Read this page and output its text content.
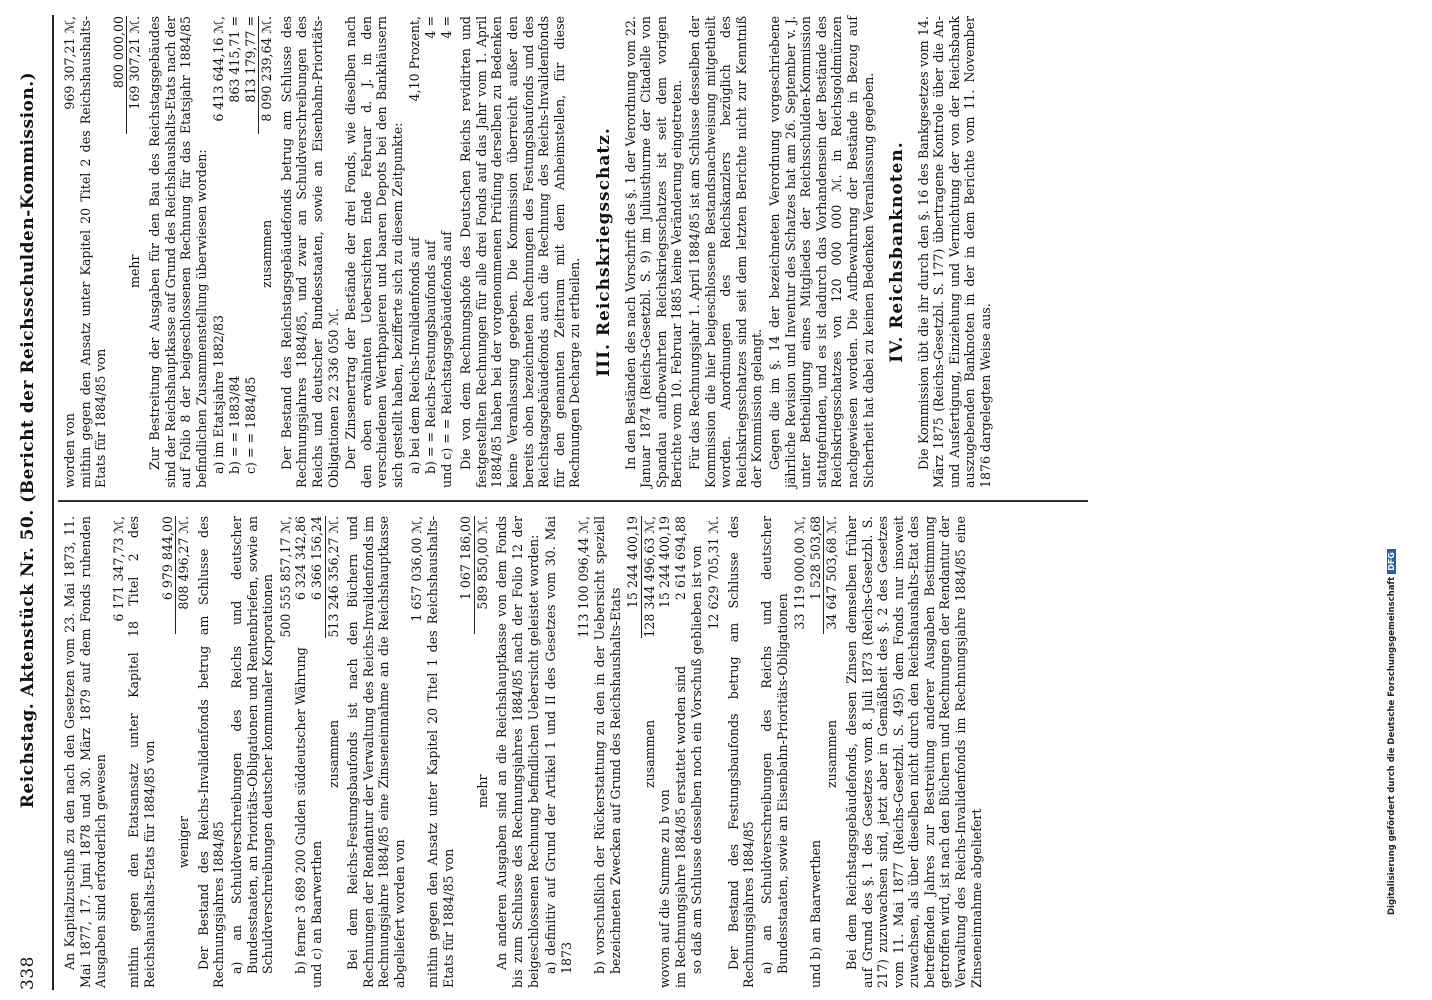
338
Reichstag. Aktenstück Nr. 50. (Bericht der Reichsschulden-Kommission.) An Kapitalzuschuß zu den nach den Gesetzen vom 23. Mai 1873, 11. Mai 1877, 17. Juni 1878 und 30. März 1879 auf dem Fonds ruhenden Ausgaben sind erforderlich gewesen

6 171 347,73 ℳ, mithin gegen den Etatsansatz unter Kapitel 18 Titel 2 des Reichshaushalts-Etats für 1884/85 von

6 979 844,00
weniger
808 496,27 ℳ. Der Bestand des Reichs-Invalidenfonds betrug am Schlusse des Rechnungsjahres 1884/85 a) an Schuldverschreibungen des Reichs und deutscher Bundesstaaten, an Prioritäts-Obligationen und Rentenbriefen, sowie an Schuldverschreibungen deutscher kommunaler Korporationen 500 555 857,17 ℳ,
b) ferner 3 689 200 Gulden süddeutscher Währung
6 324 342,86
und c) an Baarwerthen
6 366 156,24
zusammen
513 246 356,27 ℳ. Bei dem Reichs-Festungsbaufonds ist nach den Büchern und Rechnungen der Rendantur der Verwaltung des Reichs-Invalidenfonds im Rechnungsjahre 1884/85 eine Zinseneinnahme an die Reichshauptkasse abgeliefert worden von

1 657 036,00 ℳ, mithin gegen den Ansatz unter Kapitel 20 Titel 1 des Reichshaushalts-Etats für 1884/85 von

1 067 186,00
mehr
589 850,00 ℳ. An anderen Ausgaben sind an die Reichshauptkasse von dem Fonds bis zum Schlusse des Rechnungsjahres 1884/85 nach der Folio 12 der beigeschlossenen Rechnung befindlichen Uebersicht geleistet worden: a) definitiv auf Grund der Artikel 1 und II des Gesetzes vom 30. Mai 1873

113 100 096,44 ℳ, b) vorschußlich der Rückerstattung zu den in der Uebersicht speziell bezeichneten Zwecken auf Grund des Reichshaushalts-Etats

15 244 400,19
zusammen
128 344 496,63 ℳ,
wovon auf die Summe zu b von
15 244 400,19
im Rechnungsjahre 1884/85 erstattet worden sind
2 614 694,88 so daß am Schlusse desselben noch ein Vorschuß geblieben ist von 12 629 705,31 ℳ. Der Bestand des Festungsbaufonds betrug am Schlusse des Rechnungsjahres 1884/85 a) an Schuldverschreibungen des Reichs und deutscher Bundesstaaten, sowie an Eisenbahn-Prioritäts-Obligationen

33 119 000,00 ℳ,
und b) an Baarwerthen
1 528 503,68
zusammen
34 647 503,68 ℳ. Bei dem Reichstagsgebäudefonds, dessen Zinsen demselben früher auf Grund des §. 1 des Gesetzes vom 8. Juli 1873 (Reichs-Gesetzbl. S. 217) zuzuwachsen sind, jetzt aber in Gemäßheit des §. 2 des Gesetzes vom 11. Mai 1877 (Reichs-Gesetzbl. S. 495) dem Fonds nur insoweit zuwachsen, als über dieselben nicht durch den Reichshaushalts-Etat des betreffenden Jahres zur Bestreitung anderer Ausgaben Bestimmung getroffen wird, ist nach den Büchern und Rechnungen der Rendantur der Verwaltung des Reichs-Invalidenfonds im Rechnungsjahre 1884/85 eine Zinseneinnahme abgeliefert

worden von
969 307,21 ℳ, mithin gegen den Ansatz unter Kapitel 20 Titel 2 des Reichshaushalts-Etats für 1884/85 von

800 000,00
mehr
169 307,21 ℳ. Zur Bestreitung der Ausgaben für den Bau des Reichstagsgebäudes sind der Reichshauptkasse auf Grund des Reichshaushalts-Etats nach der auf Folio 8 der beigeschlossenen Rechnung für das Etatsjahr 1884/85 befindlichen Zusammenstellung überwiesen worden: a) im Etatsjahre 1882/83
6 413 644,16 ℳ,
b) = = 1883/84
863 415,71 =
c) = = 1884/85
813 179,77 =
zusammen
8 090 239,64 ℳ. Der Bestand des Reichstagsgebäudefonds betrug am Schlusse des Rechnungsjahres 1884/85, und zwar an Schuldverschreibungen des Reichs und deutscher Bundesstaaten, sowie an Eisenbahn-Prioritäts-Obligationen 22 336 050 ℳ. Der Zinsenertrag der Bestände der drei Fonds, wie dieselben nach den oben erwähnten Uebersichten Ende Februar d. J. in den verschiedenen Werthpapieren und baaren Depots bei den Bankhäusern sich gestellt haben, bezifferte sich zu diesem Zeitpunkte: a) bei dem Reichs-Invalidenfonds auf
4,10 Prozent,
b) = = Reichs-Festungsbaufonds auf
4 =
und c) = = Reichstagsgebäudefonds auf
4 = Die von dem Rechnungshofe des Deutschen Reichs revidirten und festgestellten Rechnungen für alle drei Fonds auf das Jahr vom 1. April 1884/85 haben bei der vorgenommenen Prüfung derselben zu Bedenken keine Veranlassung gegeben. Die Kommission überreicht außer den bereits oben bezeichneten Rechnungen des Festungsbaufonds und des Reichstagsgebäudefonds auch die Rechnung des Reichs-Invalidenfonds für den genannten Zeitraum mit dem Anheimstellen, für diese Rechnungen Decharge zu ertheilen. III. Reichskriegsschatz. In den Beständen des nach Vorschrift des §. 1 der Verordnung vom 22. Januar 1874 (Reichs-Gesetzbl. S. 9) im Juliusthurme der Citadelle von Spandau aufbewahrten Reichskriegsschatzes ist seit dem vorigen Berichte vom 10. Februar 1885 keine Veränderung eingetreten. Für das Rechnungsjahr 1. April 1884/85 ist am Schlusse desselben der Kommission die hier beigeschlossene Bestandsnachweisung mitgetheilt worden. Anordnungen des Reichskanzlers bezüglich des Reichskriegsschatzes sind seit dem letzten Berichte nicht zur Kenntniß der Kommission gelangt. Gegen die im §. 14 der bezeichneten Verordnung vorgeschriebene jährliche Revision und Inventur des Schatzes hat am 26. September v. J. unter Betheiligung eines Mitgliedes der Reichsschulden-Kommission stattgefunden, und es ist dadurch das Vorhandensein der Bestände des Reichskriegsschatzes von 120 000 000 ℳ. in Reichsgoldmünzen nachgewiesen worden. Die Aufbewahrung der Bestände in Bezug auf Sicherheit hat dabei zu keinen Bedenken Veranlassung gegeben. IV. Reichsbanknoten. Die Kommission übt die ihr durch den §. 16 des Bankgesetzes vom 14. März 1875 (Reichs-Gesetzbl. S. 177) übertragene Kontrole über die An- und Ausfertigung, Einziehung und Vernichtung der von der Reichsbank auszugebenden Banknoten in der in dem Berichte vom 11. November 1876 dargelegten Weise aus.

Digitalisierung gefördert durch die Deutsche ForschungsgemeinschaftDFG
